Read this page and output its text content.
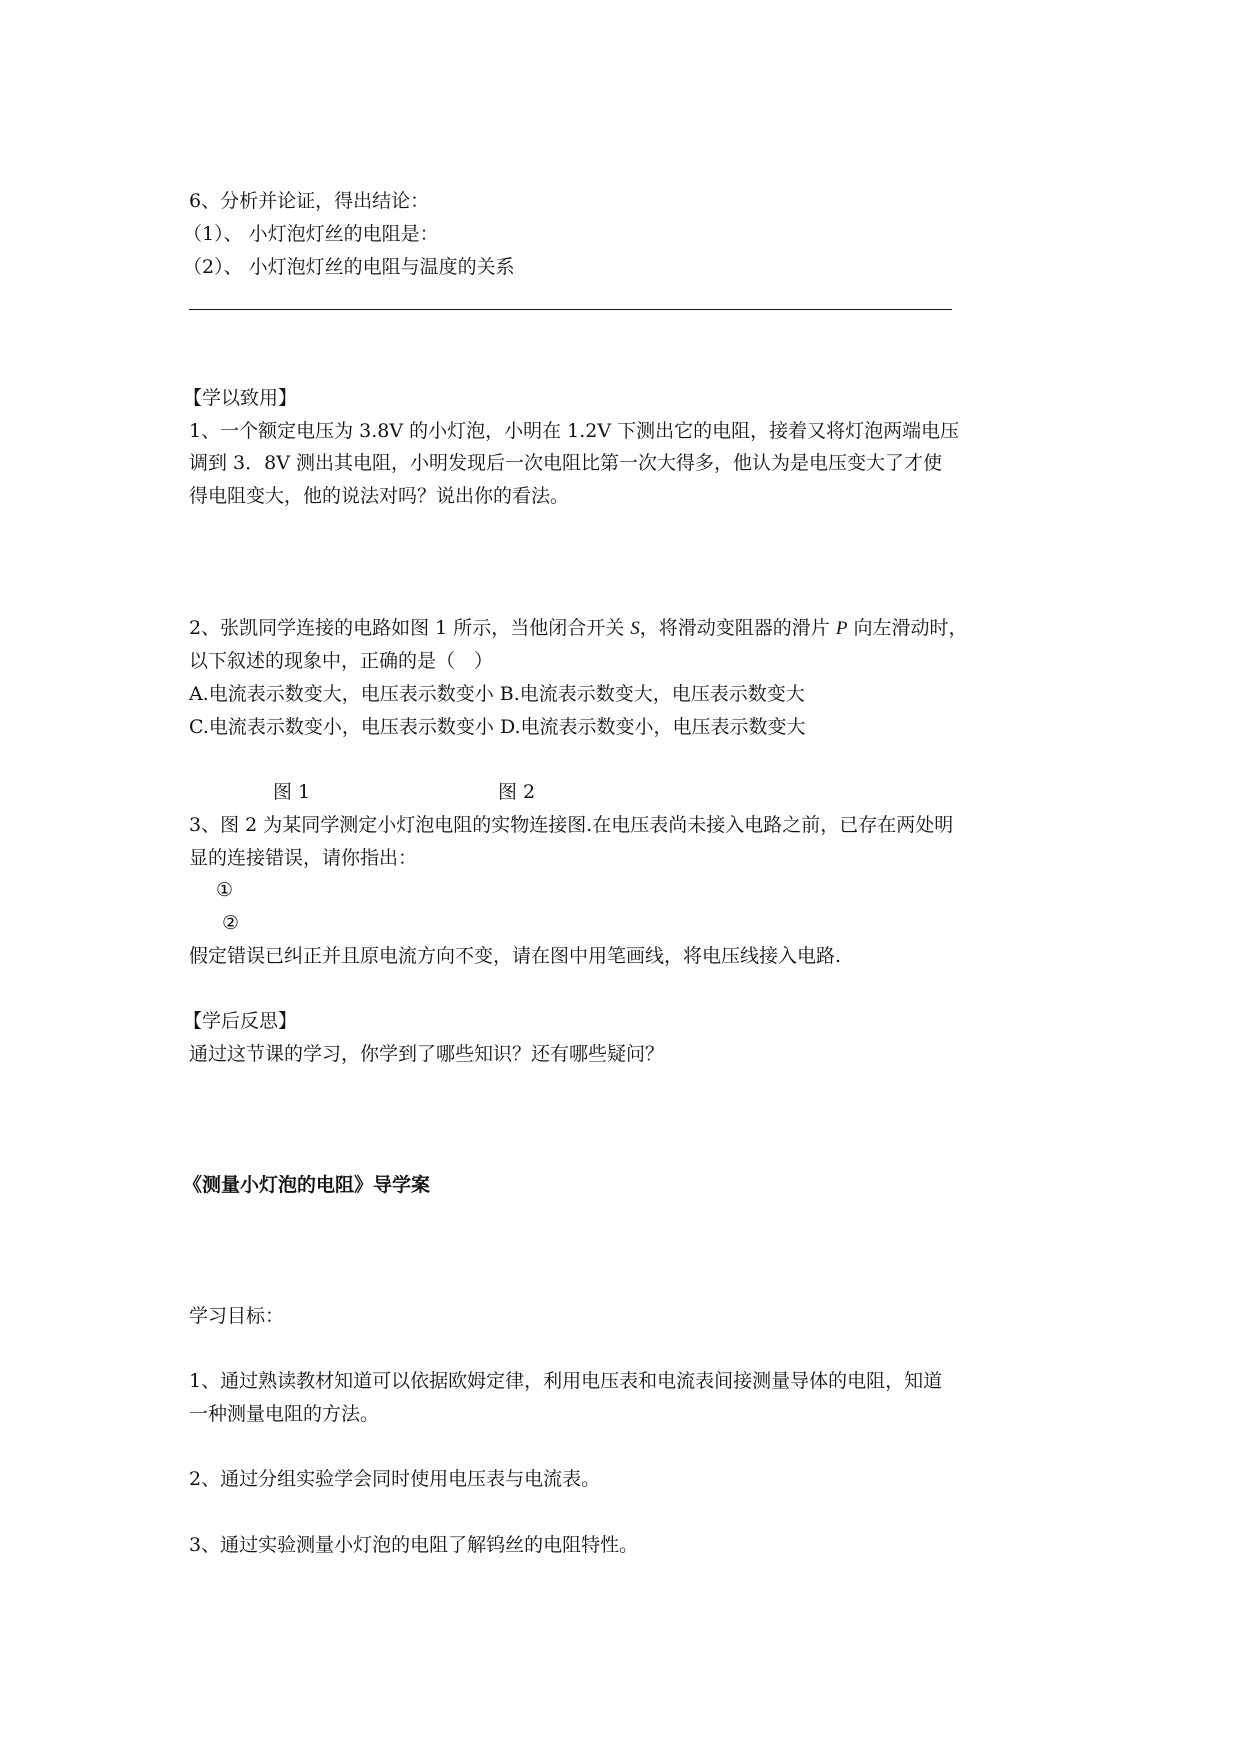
6、分析并论证，得出结论：
（1）、 小灯泡灯丝的电阻是：
（2）、 小灯泡灯丝的电阻与温度的关系
【学以致用】
1、一个额定电压为 3.8V 的小灯泡，小明在 1.2V 下测出它的电阻，接着又将灯泡两端电压
调到 3．8V 测出其电阻，小明发现后一次电阻比第一次大得多，他认为是电压变大了才使
得电阻变大，他的说法对吗？说出你的看法。
2、张凯同学连接的电路如图 1 所示，当他闭合开关 S，将滑动变阻器的滑片 P 向左滑动时，
以下叙述的现象中，正确的是（　）
A.电流表示数变大，电压表示数变小 B.电流表示数变大，电压表示数变大
C.电流表示数变小，电压表示数变小 D.电流表示数变小，电压表示数变大
图 1	图 2
3、图 2 为某同学测定小灯泡电阻的实物连接图.在电压表尚未接入电路之前，已存在两处明
显的连接错误，请你指出：
①
②
假定错误已纠正并且原电流方向不变，请在图中用笔画线，将电压线接入电路.
【学后反思】
通过这节课的学习，你学到了哪些知识？还有哪些疑问？
《测量小灯泡的电阻》导学案
学习目标：
1、通过熟读教材知道可以依据欧姆定律，利用电压表和电流表间接测量导体的电阻，知道
一种测量电阻的方法。
2、通过分组实验学会同时使用电压表与电流表。
3、通过实验测量小灯泡的电阻了解钨丝的电阻特性。
